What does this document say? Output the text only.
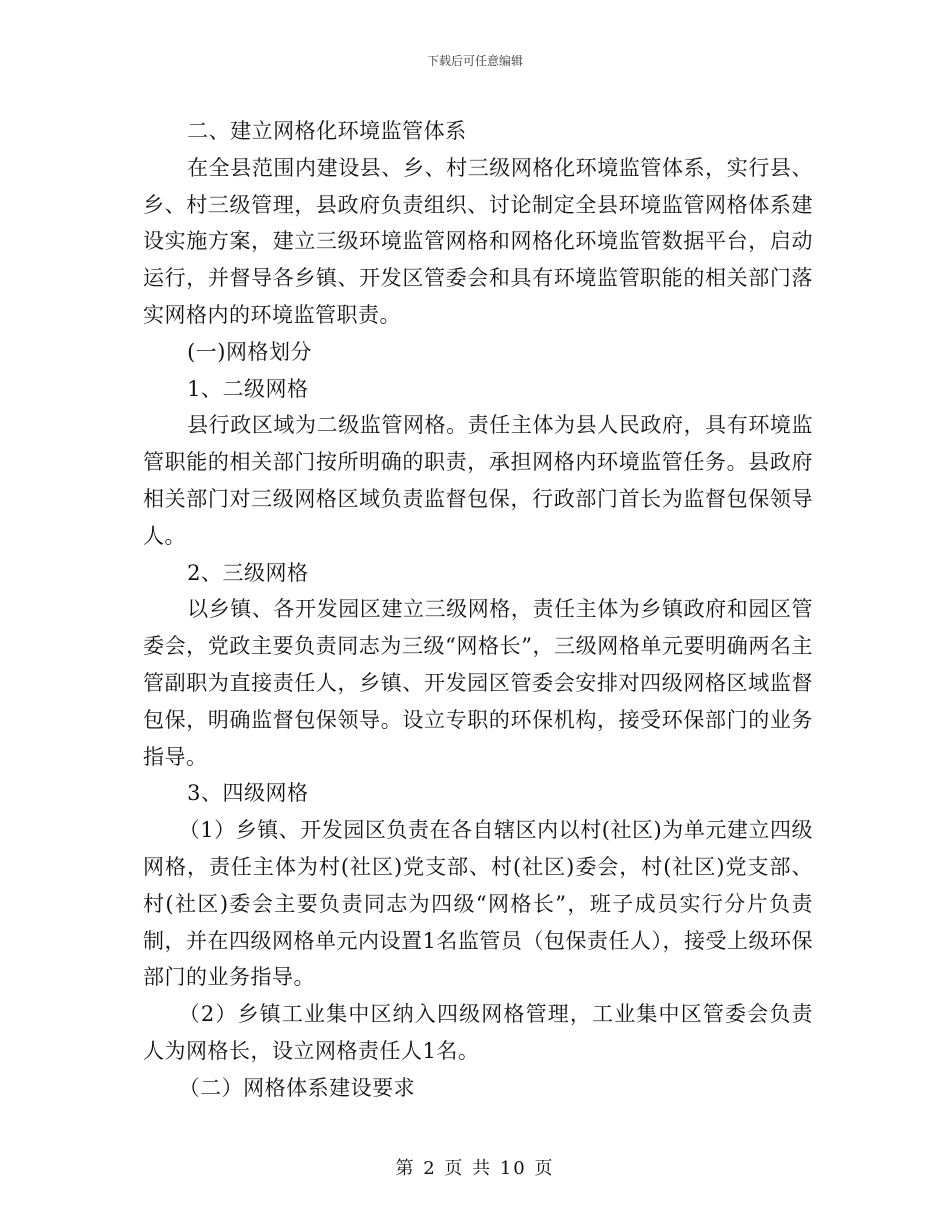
下载后可任意编辑

二、建立网格化环境监管体系

在全县范围内建设县、乡、村三级网格化环境监管体系，实行县、乡、村三级管理，县政府负责组织、讨论制定全县环境监管网格体系建设实施方案，建立三级环境监管网格和网格化环境监管数据平台，启动运行，并督导各乡镇、开发区管委会和具有环境监管职能的相关部门落实网格内的环境监管职责。

(一)网格划分

1、二级网格

县行政区域为二级监管网格。责任主体为县人民政府，具有环境监管职能的相关部门按所明确的职责，承担网格内环境监管任务。县政府相关部门对三级网格区域负责监督包保，行政部门首长为监督包保领导人。

2、三级网格

以乡镇、各开发园区建立三级网格，责任主体为乡镇政府和园区管委会，党政主要负责同志为三级“网格长”，三级网格单元要明确两名主管副职为直接责任人，乡镇、开发园区管委会安排对四级网格区域监督包保，明确监督包保领导。设立专职的环保机构，接受环保部门的业务指导。

3、四级网格

（1）乡镇、开发园区负责在各自辖区内以村(社区)为单元建立四级网格，责任主体为村(社区)党支部、村(社区)委会，村(社区)党支部、村(社区)委会主要负责同志为四级“网格长”，班子成员实行分片负责制，并在四级网格单元内设置1名监管员（包保责任人），接受上级环保部门的业务指导。

（2）乡镇工业集中区纳入四级网格管理，工业集中区管委会负责人为网格长，设立网格责任人1名。

（二）网格体系建设要求

第 2 页 共 10 页
